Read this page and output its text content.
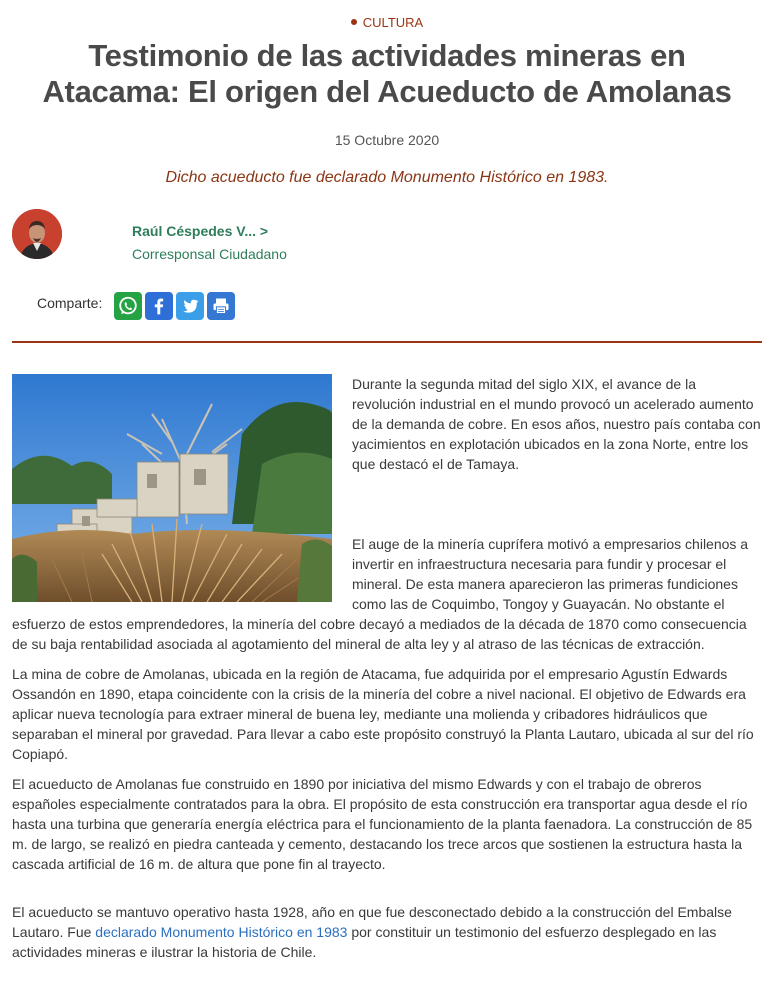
CULTURA
Testimonio de las actividades mineras en Atacama: El origen del Acueducto de Amolanas
15 Octubre 2020
Dicho acueducto fue declarado Monumento Histórico en 1983.
Raúl Céspedes V... >
Corresponsal Ciudadano
Comparte:

Durante la segunda mitad del siglo XIX, el avance de la revolución industrial en el mundo provocó un acelerado aumento de la demanda de cobre. En esos años, nuestro país contaba con yacimientos en explotación ubicados en la zona Norte, entre los que destacó el de Tamaya.

El auge de la minería cuprífera motivó a empresarios chilenos a invertir en infraestructura necesaria para fundir y procesar el mineral. De esta manera aparecieron las primeras fundiciones como las de Coquimbo, Tongoy y Guayacán. No obstante el esfuerzo de estos emprendedores, la minería del cobre decayó a mediados de la década de 1870 como consecuencia de su baja rentabilidad asociada al agotamiento del mineral de alta ley y al atraso de las técnicas de extracción.

La mina de cobre de Amolanas, ubicada en la región de Atacama, fue adquirida por el empresario Agustín Edwards Ossandón en 1890, etapa coincidente con la crisis de la minería del cobre a nivel nacional. El objetivo de Edwards era aplicar nueva tecnología para extraer mineral de buena ley, mediante una molienda y cribadores hidráulicos que separaban el mineral por gravedad. Para llevar a cabo este propósito construyó la Planta Lautaro, ubicada al sur del río Copiapó.

El acueducto de Amolanas fue construido en 1890 por iniciativa del mismo Edwards y con el trabajo de obreros españoles especialmente contratados para la obra. El propósito de esta construcción era transportar agua desde el río hasta una turbina que generaría energía eléctrica para el funcionamiento de la planta faenadora. La construcción de 85 m. de largo, se realizó en piedra canteada y cemento, destacando los trece arcos que sostienen la estructura hasta la cascada artificial de 16 m. de altura que pone fin al trayecto.

El acueducto se mantuvo operativo hasta 1928, año en que fue desconectado debido a la construcción del Embalse Lautaro. Fue declarado Monumento Histórico en 1983 por constituir un testimonio del esfuerzo desplegado en las actividades mineras e ilustrar la historia de Chile.
